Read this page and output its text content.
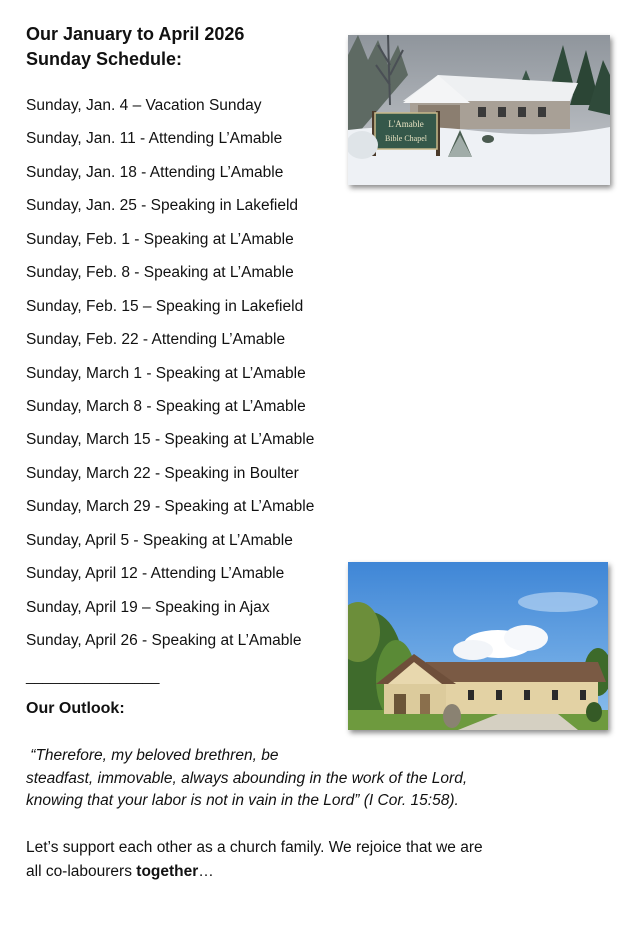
Our January to April 2026
Sunday Schedule:
Sunday, Jan. 4 – Vacation Sunday
Sunday, Jan. 11 - Attending L’Amable
Sunday, Jan. 18 - Attending L’Amable
Sunday, Jan. 25 - Speaking in Lakefield
Sunday, Feb. 1 - Speaking at L’Amable
Sunday, Feb. 8 - Speaking at L’Amable
Sunday, Feb. 15 – Speaking in Lakefield
Sunday, Feb. 22 - Attending L’Amable
Sunday, March 1 - Speaking at L’Amable
Sunday, March 8 - Speaking at L’Amable
Sunday, March 15 - Speaking at L’Amable
Sunday, March 22 - Speaking in Boulter
Sunday, March 29 - Speaking at L’Amable
Sunday, April 5 - Speaking at L’Amable
Sunday, April 12 - Attending L’Amable
Sunday, April 19 – Speaking in Ajax
Sunday, April 26 - Speaking at L’Amable
________________
Our Outlook:
“Therefore, my beloved brethren, be
steadfast, immovable, always abounding in the work of the Lord,
knowing that your labor is not in vain in the Lord” (I Cor. 15:58).
Let’s support each other as a church family. We rejoice that we are
all co-labourers together…
L'Amable
Bible Chapel
